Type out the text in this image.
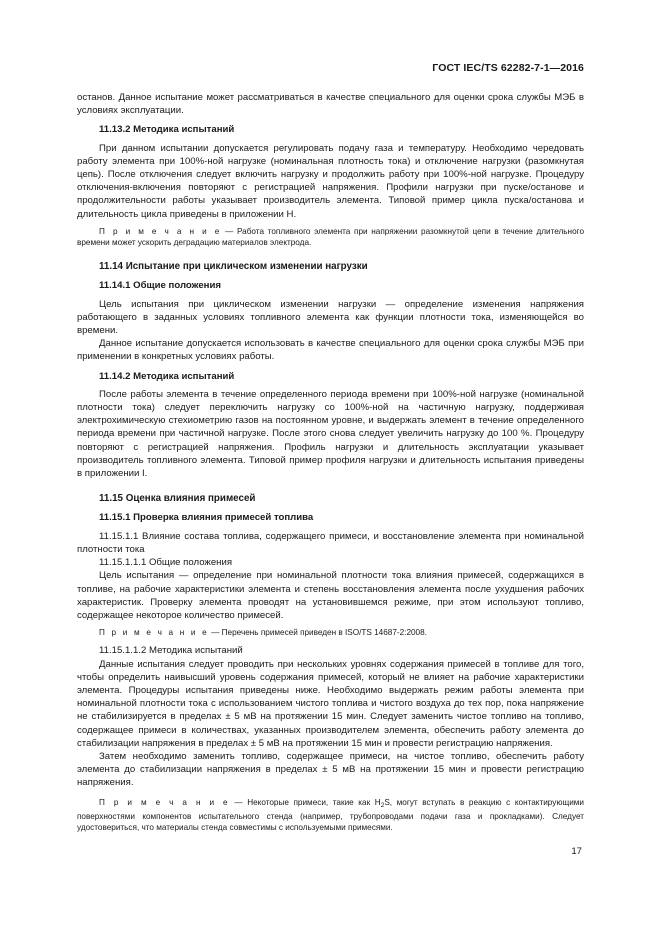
ГОСТ IEC/TS 62282-7-1—2016

останов. Данное испытание может рассматриваться в качестве специального для оценки срока службы МЭБ в условиях эксплуатации.

11.13.2 Методика испытаний

При данном испытании допускается регулировать подачу газа и температуру. Необходимо чередовать работу элемента при 100%-ной нагрузке (номинальная плотность тока) и отключение нагрузки (разомкнутая цепь). После отключения следует включить нагрузку и продолжить работу при 100%-ной нагрузке. Процедуру отключения-включения повторяют с регистрацией напряжения. Профили нагрузки при пуске/останове и продолжительности работы указывает производитель элемента. Типовой пример цикла пуска/останова и длительность цикла приведены в приложении Н.

П р и м е ч а н и е — Работа топливного элемента при напряжении разомкнутой цепи в течение длительного времени может ускорить деградацию материалов электрода.

11.14 Испытание при циклическом изменении нагрузки

11.14.1 Общие положения

Цель испытания при циклическом изменении нагрузки — определение изменения напряжения работающего в заданных условиях топливного элемента как функции плотности тока, изменяющейся во времени.

Данное испытание допускается использовать в качестве специального для оценки срока службы МЭБ при применении в конкретных условиях работы.

11.14.2 Методика испытаний

После работы элемента в течение определенного периода времени при 100%-ной нагрузке (номинальной плотности тока) следует переключить нагрузку со 100%-ной на частичную нагрузку, поддерживая электрохимическую стехиометрию газов на постоянном уровне, и выдержать элемент в течение определенного периода времени при частичной нагрузке. После этого снова следует увеличить нагрузку до 100 %. Процедуру повторяют с регистрацией напряжения. Профиль нагрузки и длительность эксплуатации указывает производитель топливного элемента. Типовой пример профиля нагрузки и длительность испытания приведены в приложении I.

11.15 Оценка влияния примесей

11.15.1 Проверка влияния примесей топлива

11.15.1.1 Влияние состава топлива, содержащего примеси, и восстановление элемента при номинальной плотности тока

11.15.1.1.1 Общие положения

Цель испытания — определение при номинальной плотности тока влияния примесей, содержащихся в топливе, на рабочие характеристики элемента и степень восстановления элемента после ухудшения рабочих характеристик. Проверку элемента проводят на установившемся режиме, при этом используют топливо, содержащее некоторое количество примесей.

П р и м е ч а н и е — Перечень примесей приведен в ISO/TS 14687-2:2008.

11.15.1.1.2 Методика испытаний

Данные испытания следует проводить при нескольких уровнях содержания примесей в топливе для того, чтобы определить наивысший уровень содержания примесей, который не влияет на рабочие характеристики элемента. Процедуры испытания приведены ниже. Необходимо выдержать режим работы элемента при номинальной плотности тока с использованием чистого топлива и чистого воздуха до тех пор, пока напряжение не стабилизируется в пределах ± 5 мВ на протяжении 15 мин. Следует заменить чистое топливо на топливо, содержащее примеси в количествах, указанных производителем элемента, обеспечить работу элемента до стабилизации напряжения в пределах ± 5 мВ на протяжении 15 мин и провести регистрацию напряжения.

Затем необходимо заменить топливо, содержащее примеси, на чистое топливо, обеспечить работу элемента до стабилизации напряжения в пределах ± 5 мВ на протяжении 15 мин и провести регистрацию напряжения.

П р и м е ч а н и е — Некоторые примеси, такие как $H_2S$, могут вступать в реакцию с контактирующими поверхностями компонентов испытательного стенда (например, трубопроводами подачи газа и прокладками). Следует удостовериться, что материалы стенда совместимы с используемыми примесями.

17
